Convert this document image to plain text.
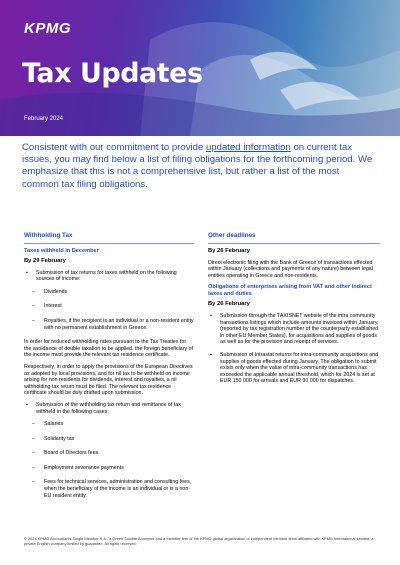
KPMG
Tax Updates
February 2024

Consistent with our commitment to provide updated information on current tax issues, you may find below a list of filing obligations for the forthcoming period. We emphasize that this is not a comprehensive list, but rather a list of the most common tax filing obligations.

Withholding Tax
Taxes withheld in December
By 29 February
▪ Submission of tax returns for taxes withheld on the following sources of income:
– Dividends
– Interest
– Royalties, if the recipient is an individual or a non-resident entity with no permanent establishment in Greece.

In order for reduced withholding rates pursuant to the Tax Treaties for the avoidance of double taxation to be applied, the foreign beneficiary of the income must provide the relevant tax residence certificate.

Respectively, in order to apply the provisions of the European Directives as adopted by local provisions, and for nil tax to be withheld on income arising for non residents for dividends, interest and royalties, a nil withholding tax return must be filed. The relevant tax residence certificate should be duly drafted upon submission.

▪ Submission of the withholding tax return and remittance of tax withheld in the following cases:
– Salaries
– Solidarity tax
– Board of Directors fees
– Employment severance payments
– Fees for technical services, administration and consulting fees, when the beneficiary of the income is an individual or is a non-EU resident entity.
Other deadlines
By 26 February

Direct electronic filing with the Bank of Greece of transactions effected within January (collections and payments of any nature) between legal entities operating in Greece and non-residents.

Obligations of enterprises arising from VAT and other indirect taxes and duties
By 26 February
▪ Submission through the TAXISNET website of the intra community transactions listings which include amounts invoiced within January, (reported by tax registration number of the counterparty established in other EU Member States), for acquisitions and supplies of goods as well as for the provision and receipt of services.
▪ Submission of Intrastat returns for intra-community acquisitions and supplies of goods effected during January. The obligation to submit exists only when the value of intra-community transactions has exceeded the applicable annual threshold, which for 2024 is set at EUR 150 000 for arrivals and EUR 90 000 for dispatches.
© 2024 KPMG Accountants Single Member S.A., a Greek Société Anonyme and a member firm of the KPMG global organization of independent member firms affiliated with KPMG International Limited, a private English company limited by guarantee. All rights reserved.
